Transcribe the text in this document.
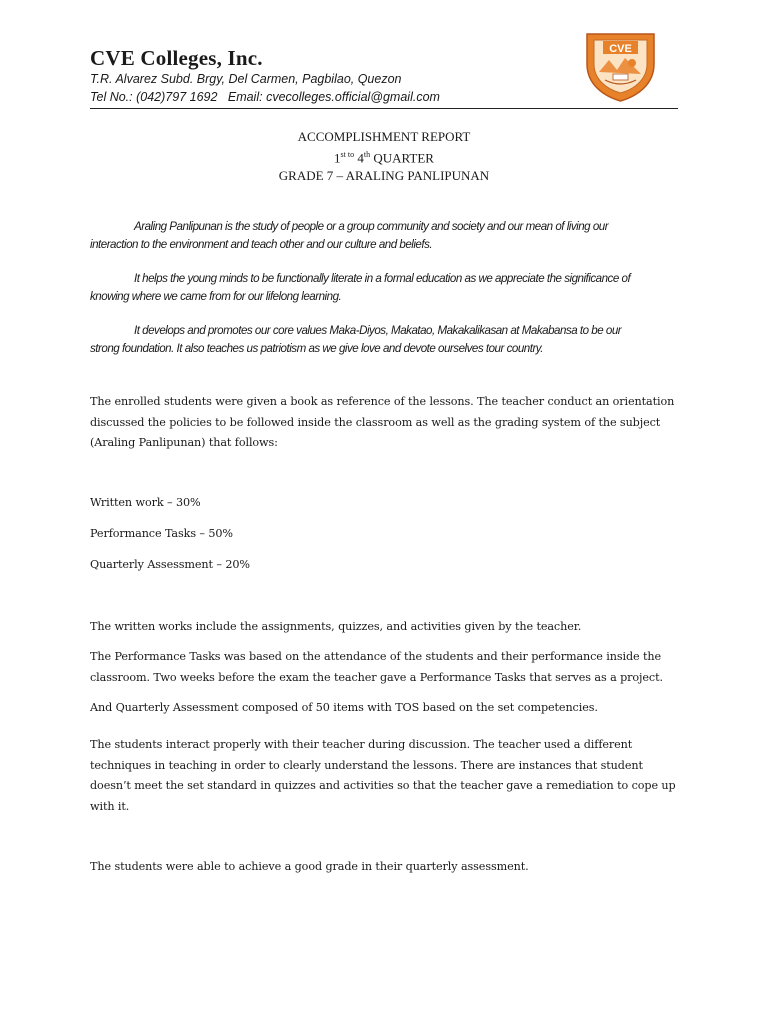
CVE Colleges, Inc.
T.R. Alvarez Subd. Brgy, Del Carmen, Pagbilao, Quezon
Tel No.: (042)797 1692 Email: cvecolleges.official@gmail.com
CVE
ACCOMPLISHMENT REPORT
$1^{st to}$ 4th QUARTER
GRADE 7 – ARALING PANLIPUNAN
Araling Panlipunan is the study of people or a group community and society and our mean of living our interaction to the environment and teach other and our culture and beliefs.
It helps the young minds to be functionally literate in a formal education as we appreciate the significance of knowing where we came from for our lifelong learning.
It develops and promotes our core values Maka-Diyos, Makatao, Makakalikasan at Makabansa to be our strong foundation. It also teaches us patriotism as we give love and devote ourselves tour country.
The enrolled students were given a book as reference of the lessons. The teacher conduct an orientation discussed the policies to be followed inside the classroom as well as the grading system of the subject (Araling Panlipunan) that follows:
Written work – 30%
Performance Tasks – 50%
Quarterly Assessment – 20%
The written works include the assignments, quizzes, and activities given by the teacher.
The Performance Tasks was based on the attendance of the students and their performance inside the classroom. Two weeks before the exam the teacher gave a Performance Tasks that serves as a project.
And Quarterly Assessment composed of 50 items with TOS based on the set competencies.
The students interact properly with their teacher during discussion. The teacher used a different techniques in teaching in order to clearly understand the lessons. There are instances that student doesn’t meet the set standard in quizzes and activities so that the teacher gave a remediation to cope up with it.
The students were able to achieve a good grade in their quarterly assessment.
